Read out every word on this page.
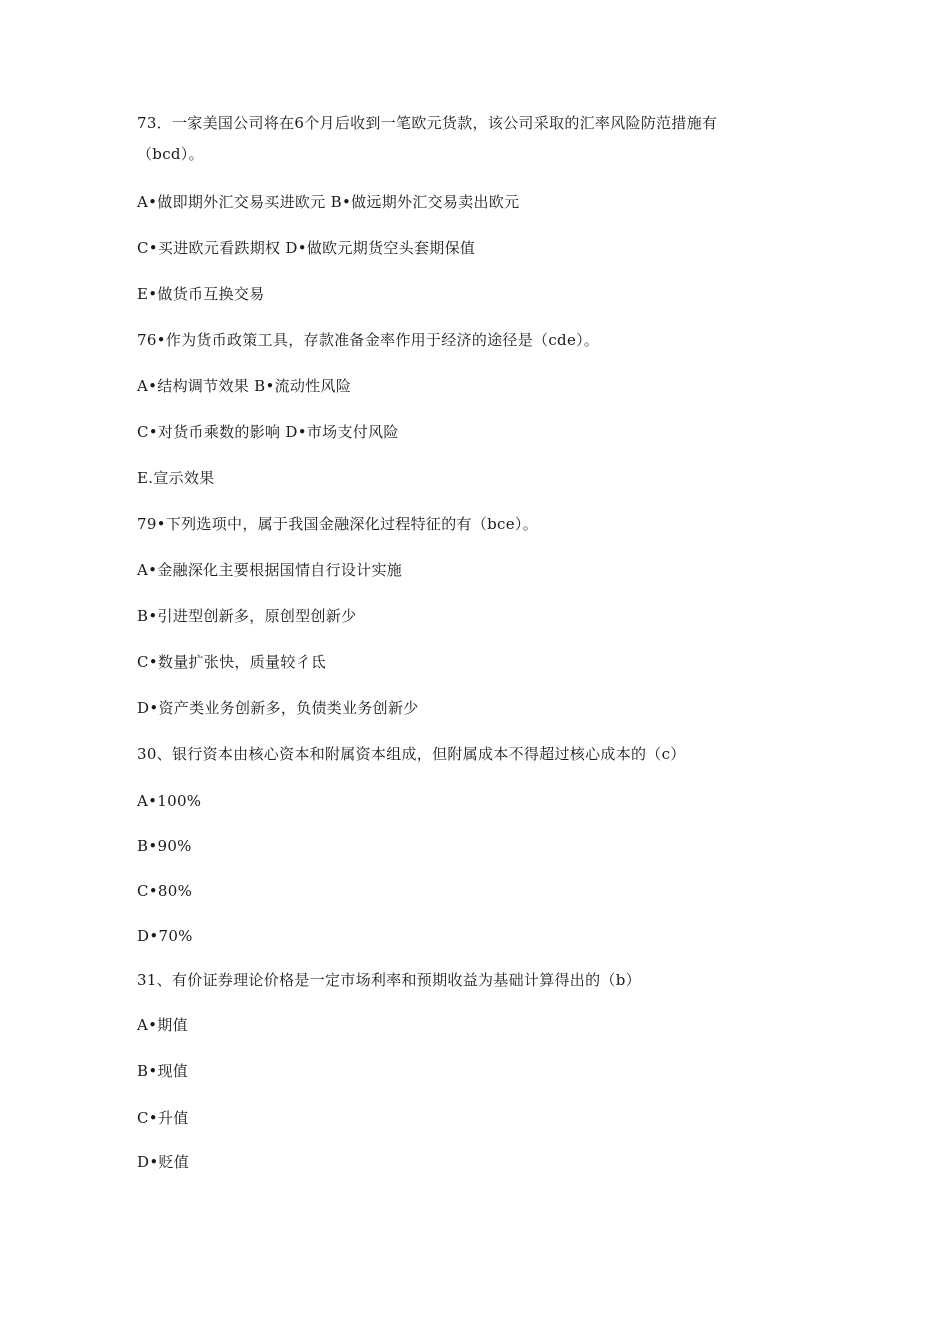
73．一家美国公司将在6个月后收到一笔欧元货款，该公司采取的汇率风险防范措施有
（bcd）。
A•做即期外汇交易买进欧元 B•做远期外汇交易卖出欧元
C•买进欧元看跌期权 D•做欧元期货空头套期保值
E•做货币互换交易
76•作为货币政策工具，存款准备金率作用于经济的途径是（cde）。
A•结构调节效果 B•流动性风险
C•对货币乘数的影响 D•市场支付风险
E.宣示效果
79•下列选项中，属于我国金融深化过程特征的有（bce）。
A•金融深化主要根据国情自行设计实施
B•引进型创新多，原创型创新少
C•数量扩张快，质量较彳氐
D•资产类业务创新多，负债类业务创新少
30、银行资本由核心资本和附属资本组成，但附属成本不得超过核心成本的（c）
A•100%
B•90%
C•80%
D•70%
31、有价证券理论价格是一定市场利率和预期收益为基础计算得出的（b）
A•期值
B•现值
C•升值
D•贬值
